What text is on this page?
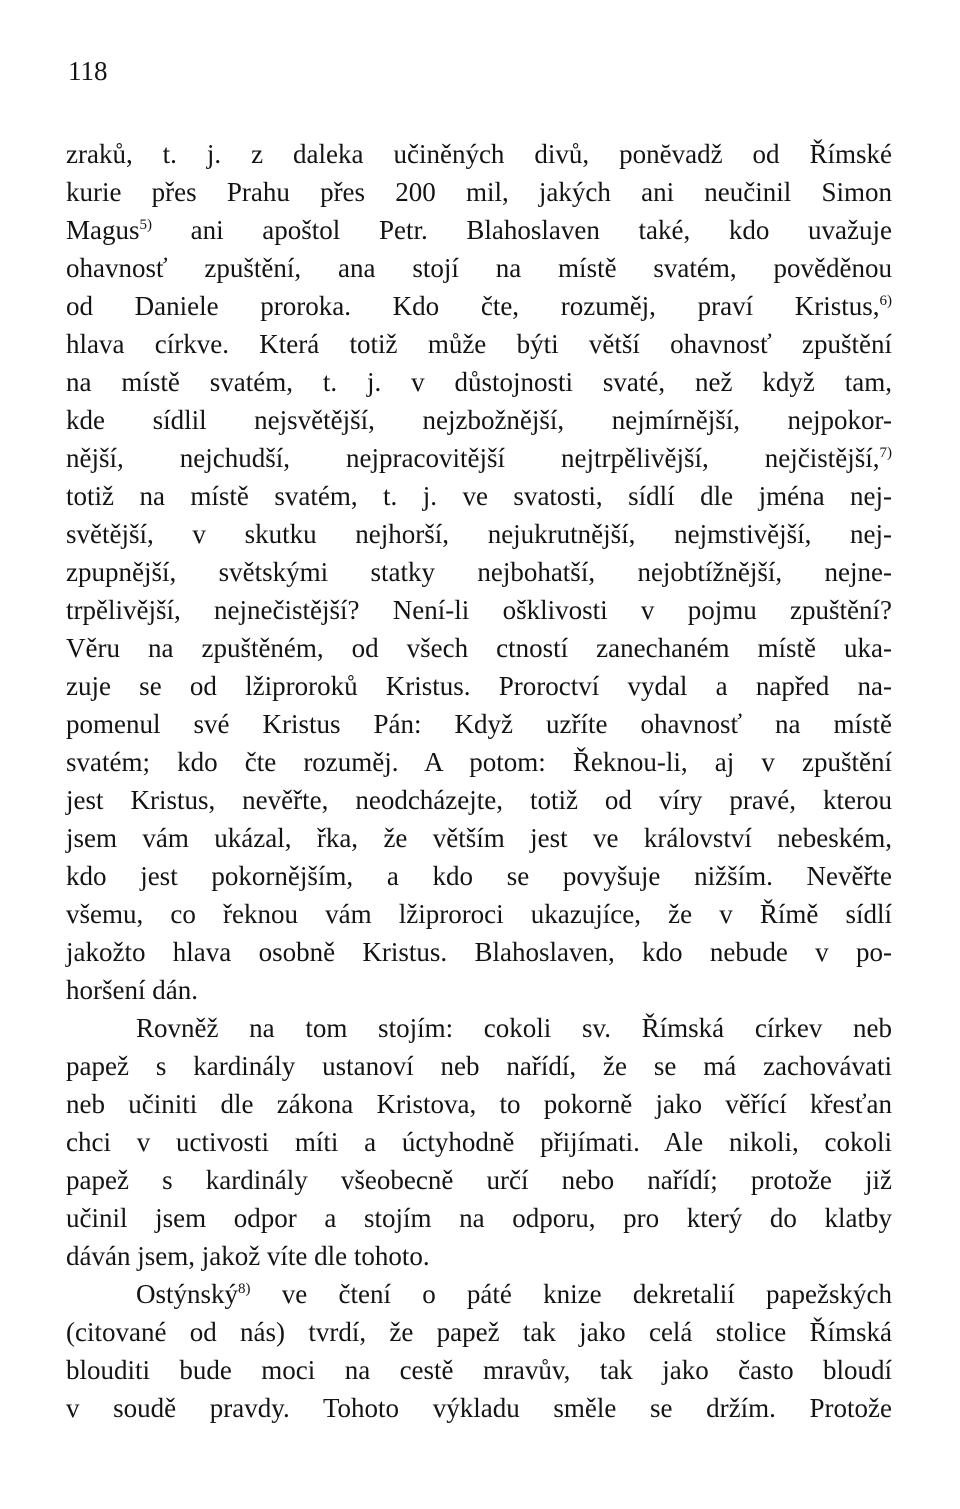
118
zraků, t. j. z daleka učiněných divů, ponĕvadž od Římské
kurie přes Prahu přes 200 mil, jakých ani neučinil Simon
Magus$^{5)}$ ani apoštol Petr. Blahoslaven také, kdo uvažuje
ohavnosť zpuštění, ana stojí na místě svatém, pověděnou
od Daniele proroka. Kdo čte, rozuměj, praví Kristus,$^{6)}$
hlava církve. Která totiž může býti větší ohavnosť zpuštění
na místě svatém, t. j. v důstojnosti svaté, než když tam,
kde sídlil nejsvětější, nejzbožnější, nejmírnější, nejpokor-
nější, nejchudší, nejpracovitější nejtrpělivější, nejčistější,$^{7)}$
totiž na místě svatém, t. j. ve svatosti, sídlí dle jména nej-
světější, v skutku nejhorší, nejukrutnější, nejmstivější, nej-
zpupnější, světskými statky nejbohatší, nejobtížnější, nejne-
trpělivější, nejnečistější? Není-li ošklivosti v pojmu zpuštění?
Věru na zpuštěném, od všech ctností zanechaném místě uka-
zuje se od lžiproroků Kristus. Proroctví vydal a napřed na-
pomenul své Kristus Pán: Když uzříte ohavnosť na místě
svatém; kdo čte rozuměj. A potom: Řeknou-li, aj v zpuštění
jest Kristus, nevěřte, neodcházejte, totiž od víry pravé, kterou
jsem vám ukázal, řka, že větším jest ve království nebeském,
kdo jest pokornějším, a kdo se povyšuje nižším. Nevěřte
všemu, co řeknou vám lžiproroci ukazujíce, že v Římě sídlí
jakožto hlava osobně Kristus. Blahoslaven, kdo nebude v po-
horšení dán.
Rovněž na tom stojím: cokoli sv. Římská církev neb
papež s kardinály ustanoví neb nařídí, že se má zachovávati
neb učiniti dle zákona Kristova, to pokorně jako věřící křesťan
chci v uctivosti míti a úctyhodně přijímati. Ale nikoli, cokoli
papež s kardinály všeobecně určí nebo nařídí; protože již
učinil jsem odpor a stojím na odporu, pro který do klatby
dáván jsem, jakož víte dle tohoto.
Ostýnský$^{8)}$ ve čtení o páté knize dekretalií papežských
(citované od nás) tvrdí, že papež tak jako celá stolice Římská
blouditi bude moci na cestě mravův, tak jako často bloudí
v soudě pravdy. Tohoto výkladu směle se držím. Protože
